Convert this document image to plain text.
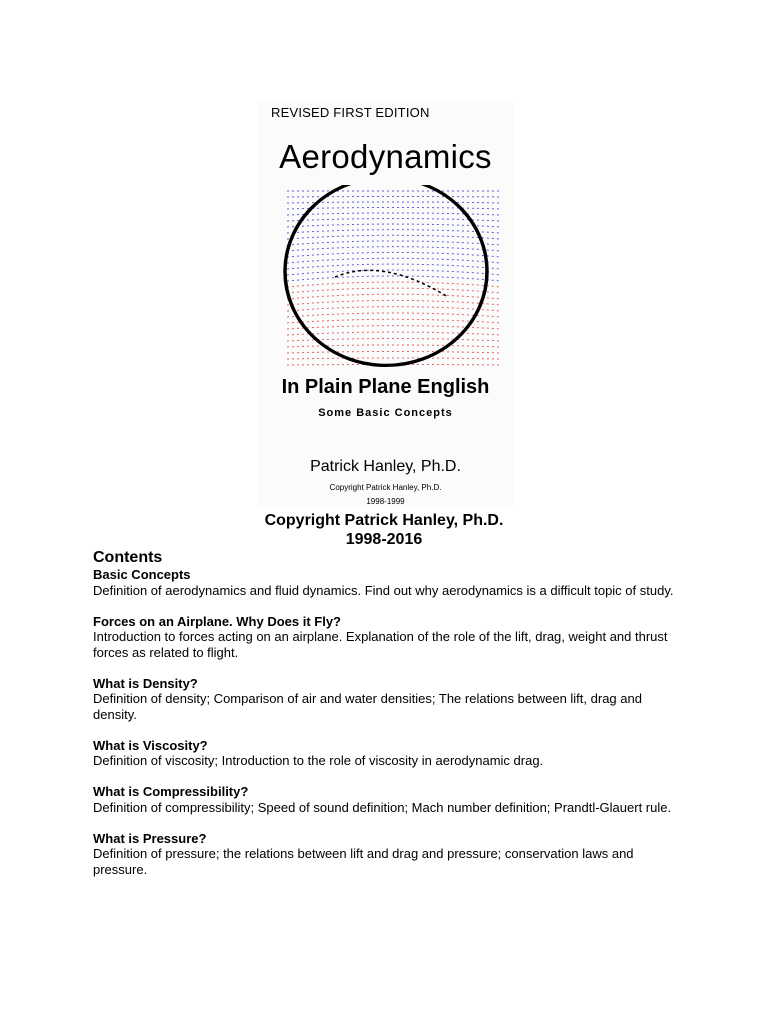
REVISED FIRST EDITION
Aerodynamics
In Plain Plane English
Some Basic Concepts
Patrick Hanley, Ph.D.
Copyright Patrick Hanley, Ph.D.
1998-1999
Copyright Patrick Hanley, Ph.D.
1998-2016
Contents
Basic Concepts
Definition of aerodynamics and fluid dynamics. Find out why aerodynamics is a difficult topic of study.
Forces on an Airplane. Why Does it Fly?
Introduction to forces acting on an airplane. Explanation of the role of the lift, drag, weight and thrust forces as related to flight.
What is Density?
Definition of density; Comparison of air and water densities; The relations between lift, drag and density.
What is Viscosity?
Definition of viscosity; Introduction to the role of viscosity in aerodynamic drag.
What is Compressibility?
Definition of compressibility; Speed of sound definition; Mach number definition; Prandtl-Glauert rule.
What is Pressure?
Definition of pressure; the relations between lift and drag and pressure; conservation laws and pressure.
